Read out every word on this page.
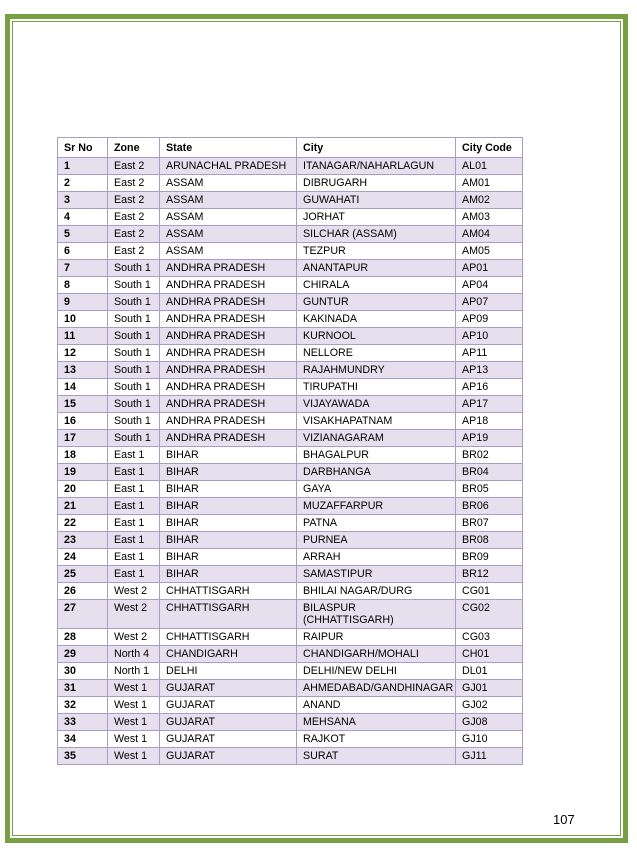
Sr No	Zone	State	City	City Code
1	East 2	ARUNACHAL PRADESH	ITANAGAR/NAHARLAGUN	AL01
2	East 2	ASSAM	DIBRUGARH	AM01
3	East 2	ASSAM	GUWAHATI	AM02
4	East 2	ASSAM	JORHAT	AM03
5	East 2	ASSAM	SILCHAR (ASSAM)	AM04
6	East 2	ASSAM	TEZPUR	AM05
7	South 1	ANDHRA PRADESH	ANANTAPUR	AP01
8	South 1	ANDHRA PRADESH	CHIRALA	AP04
9	South 1	ANDHRA PRADESH	GUNTUR	AP07
10	South 1	ANDHRA PRADESH	KAKINADA	AP09
11	South 1	ANDHRA PRADESH	KURNOOL	AP10
12	South 1	ANDHRA PRADESH	NELLORE	AP11
13	South 1	ANDHRA PRADESH	RAJAHMUNDRY	AP13
14	South 1	ANDHRA PRADESH	TIRUPATHI	AP16
15	South 1	ANDHRA PRADESH	VIJAYAWADA	AP17
16	South 1	ANDHRA PRADESH	VISAKHAPATNAM	AP18
17	South 1	ANDHRA PRADESH	VIZIANAGARAM	AP19
18	East 1	BIHAR	BHAGALPUR	BR02
19	East 1	BIHAR	DARBHANGA	BR04
20	East 1	BIHAR	GAYA	BR05
21	East 1	BIHAR	MUZAFFARPUR	BR06
22	East 1	BIHAR	PATNA	BR07
23	East 1	BIHAR	PURNEA	BR08
24	East 1	BIHAR	ARRAH	BR09
25	East 1	BIHAR	SAMASTIPUR	BR12
26	West 2	CHHATTISGARH	BHILAI NAGAR/DURG	CG01
27	West 2	CHHATTISGARH	BILASPUR (CHHATTISGARH)	CG02
28	West 2	CHHATTISGARH	RAIPUR	CG03
29	North 4	CHANDIGARH	CHANDIGARH/MOHALI	CH01
30	North 1	DELHI	DELHI/NEW DELHI	DL01
31	West 1	GUJARAT	AHMEDABAD/GANDHINAGAR	GJ01
32	West 1	GUJARAT	ANAND	GJ02
33	West 1	GUJARAT	MEHSANA	GJ08
34	West 1	GUJARAT	RAJKOT	GJ10
35	West 1	GUJARAT	SURAT	GJ11
107
